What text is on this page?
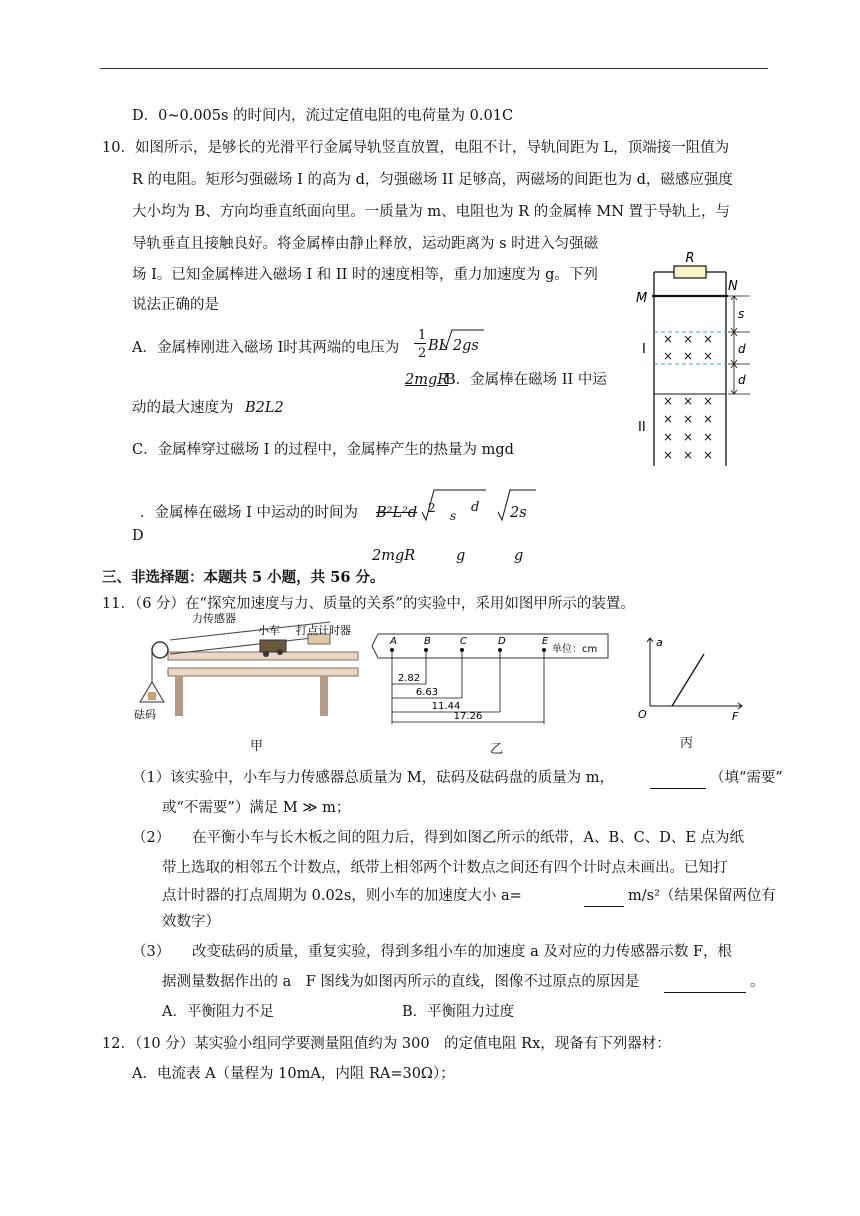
D．0~0.005s 的时间内，流过定值电阻的电荷量为 0.01C
10．如图所示，是够长的光滑平行金属导轨竖直放置，电阻不计，导轨间距为 L，顶端接一阻值为
R 的电阻。矩形匀强磁场 I 的高为 d，匀强磁场 II 足够高，两磁场的间距也为 d，磁感应强度
大小均为 B、方向均垂直纸面向里。一质量为 m、电阻也为 R 的金属棒 MN 置于导轨上，与
导轨垂直且接触良好。将金属棒由静止释放，运动距离为 s 时进入匀强磁
场 I。已知金属棒进入磁场 I 和 II 时的速度相等，重力加速度为 g。下列
说法正确的是
A．金属棒刚进入磁场 I时其两端的电压为
1
2 BL 2gs
2mgR
B．金属棒在磁场 II 中运
动的最大速度为 B2L2
C．金属棒穿过磁场 I 的过程中，金属棒产生的热量为 mgd
．金属棒在磁场 I 中运动的时间为 B²L²d 2
s
d 2s
D
2mgR	g	g
× × ×
× × ×
× × ×
× × ×
× × ×
× × ×
R
M
N
s
d
d
I
II
三、非选择题：本题共 5 小题，共 56 分。
11．（6 分）在“探究加速度与力、质量的关系”的实验中，采用如图甲所示的装置。
力传感器
小车 打点计时器
砝码
甲
A	B	C	D	E
单位：cm
2.82
6.63
11.44
17.26
乙
a
F
O
丙
（1）该实验中，小车与力传感器总质量为 M，砝码及砝码盘的质量为 m，	（填“需要”
或“不需要”）满足 M ≫ m；
（2） 在平衡小车与长木板之间的阻力后，得到如图乙所示的纸带，A、B、C、D、E 点为纸
带上选取的相邻五个计数点，纸带上相邻两个计数点之间还有四个计时点未画出。已知打
点计时器的打点周期为 0.02s，则小车的加速度大小 a=	m/s²（结果保留两位有
效数字）
（3） 改变砝码的质量，重复实验，得到多组小车的加速度 a 及对应的力传感器示数 F，根
据测量数据作出的 a　F 图线为如图丙所示的直线，图像不过原点的原因是	。
A．平衡阻力不足	B．平衡阻力过度
12．（10 分）某实验小组同学要测量阻值约为 300　的定值电阻 Rx，现备有下列器材：
A．电流表 A（量程为 10mA，内阻 RA=30Ω）；
